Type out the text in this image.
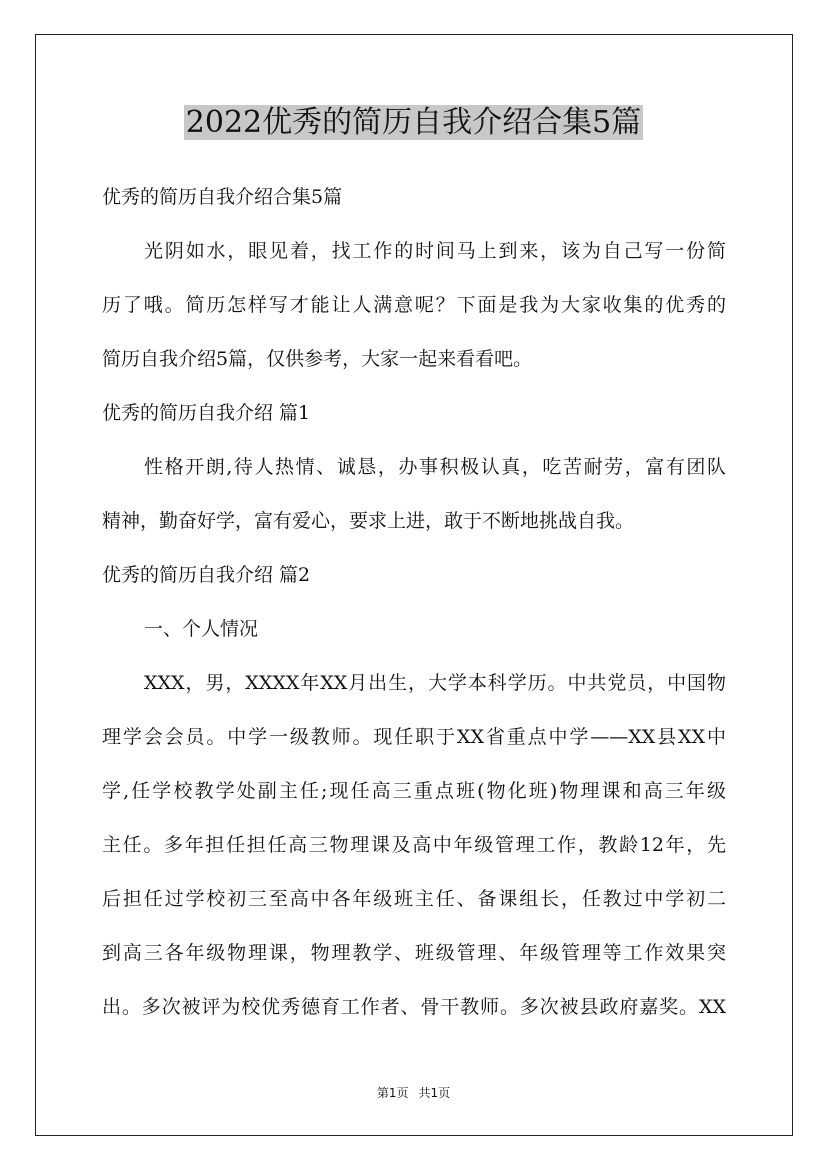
2022优秀的简历自我介绍合集5篇
优秀的简历自我介绍合集5篇
光阴如水，眼见着，找工作的时间马上到来，该为自己写一份简
历了哦。简历怎样写才能让人满意呢？下面是我为大家收集的优秀的
简历自我介绍5篇，仅供参考，大家一起来看看吧。
优秀的简历自我介绍 篇1
性格开朗,待人热情、诚恳，办事积极认真，吃苦耐劳，富有团队
精神，勤奋好学，富有爱心，要求上进，敢于不断地挑战自我。
优秀的简历自我介绍 篇2
一、个人情况
XXX，男，XXXX年XX月出生，大学本科学历。中共党员，中国物
理学会会员。中学一级教师。现任职于XX省重点中学——XX县XX中
学,任学校教学处副主任;现任高三重点班(物化班)物理课和高三年级
主任。多年担任担任高三物理课及高中年级管理工作，教龄12年，先
后担任过学校初三至高中各年级班主任、备课组长，任教过中学初二
到高三各年级物理课，物理教学、班级管理、年级管理等工作效果突
出。多次被评为校优秀德育工作者、骨干教师。多次被县政府嘉奖。XX
第1页 共1页
